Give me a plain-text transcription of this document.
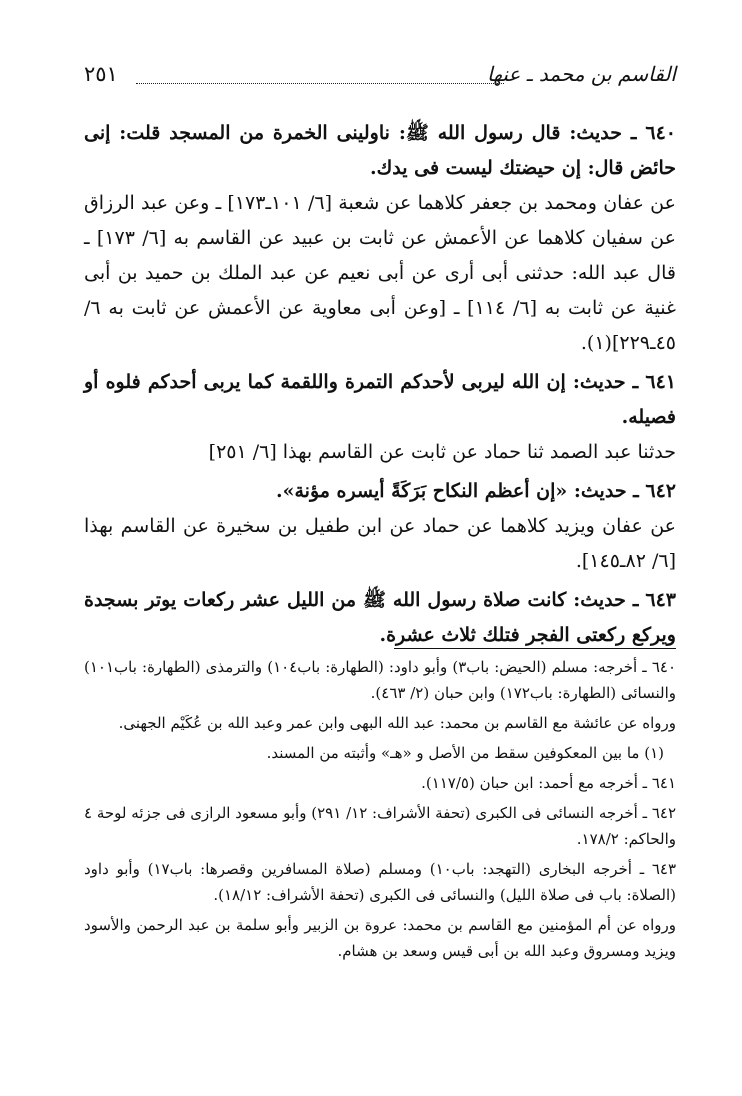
القاسم بن محمد ـ عنها
٢٥١

٦٤٠ ـ حديث: قال رسول الله ﷺ: ناولينى الخمرة من المسجد قلت: إنى حائض قال: إن حيضتك ليست فى يدك.

عن عفان ومحمد بن جعفر كلاهما عن شعبة [٦/ ١٠١ـ١٧٣] ـ وعن عبد الرزاق عن سفيان كلاهما عن الأعمش عن ثابت بن عبيد عن القاسم به [٦/ ١٧٣] ـ قال عبد الله: حدثنى أبى أرى عن أبى نعيم عن عبد الملك بن حميد بن أبى غنية عن ثابت به [٦/ ١١٤] ـ [وعن أبى معاوية عن الأعمش عن ثابت به ٦/ ٤٥ـ٢٢٩](١).

٦٤١ ـ حديث: إن الله ليربى لأحدكم التمرة واللقمة كما يربى أحدكم فلوه أو فصيله.

حدثنا عبد الصمد ثنا حماد عن ثابت عن القاسم بهذا [٦/ ٢٥١]

٦٤٢ ـ حديث: «إن أعظم النكاح بَرَكَةً أيسره مؤنة».

عن عفان ويزيد كلاهما عن حماد عن ابن طفيل بن سخيرة عن القاسم بهذا [٦/ ٨٢ـ١٤٥].

٦٤٣ ـ حديث: كانت صلاة رسول الله ﷺ من الليل عشر ركعات يوتر بسجدة ويركع ركعتى الفجر فتلك ثلاث عشرة.

٦٤٠ ـ أخرجه: مسلم (الحيض: باب٣) وأبو داود: (الطهارة: باب١٠٤) والترمذى (الطهارة: باب١٠١) والنسائى (الطهارة: باب١٧٢) وابن حبان (٢/ ٤٦٣).

ورواه عن عائشة مع القاسم بن محمد: عبد الله البهى وابن عمر وعبد الله بن عُكَيْم الجهنى.

(١) ما بين المعكوفين سقط من الأصل و «هـ» وأثبته من المسند.

٦٤١ ـ أخرجه مع أحمد: ابن حبان (١١٧/٥).

٦٤٢ ـ أخرجه النسائى فى الكبرى (تحفة الأشراف: ١٢/ ٢٩١) وأبو مسعود الرازى فى جزئه لوحة ٤ والحاكم: ١٧٨/٢.

٦٤٣ ـ أخرجه البخارى (التهجد: باب١٠) ومسلم (صلاة المسافرين وقصرها: باب١٧) وأبو داود (الصلاة: باب فى صلاة الليل) والنسائى فى الكبرى (تحفة الأشراف: ١٨/١٢).

ورواه عن أم المؤمنين مع القاسم بن محمد: عروة بن الزبير وأبو سلمة بن عبد الرحمن والأسود ويزيد ومسروق وعبد الله بن أبى قيس وسعد بن هشام.
